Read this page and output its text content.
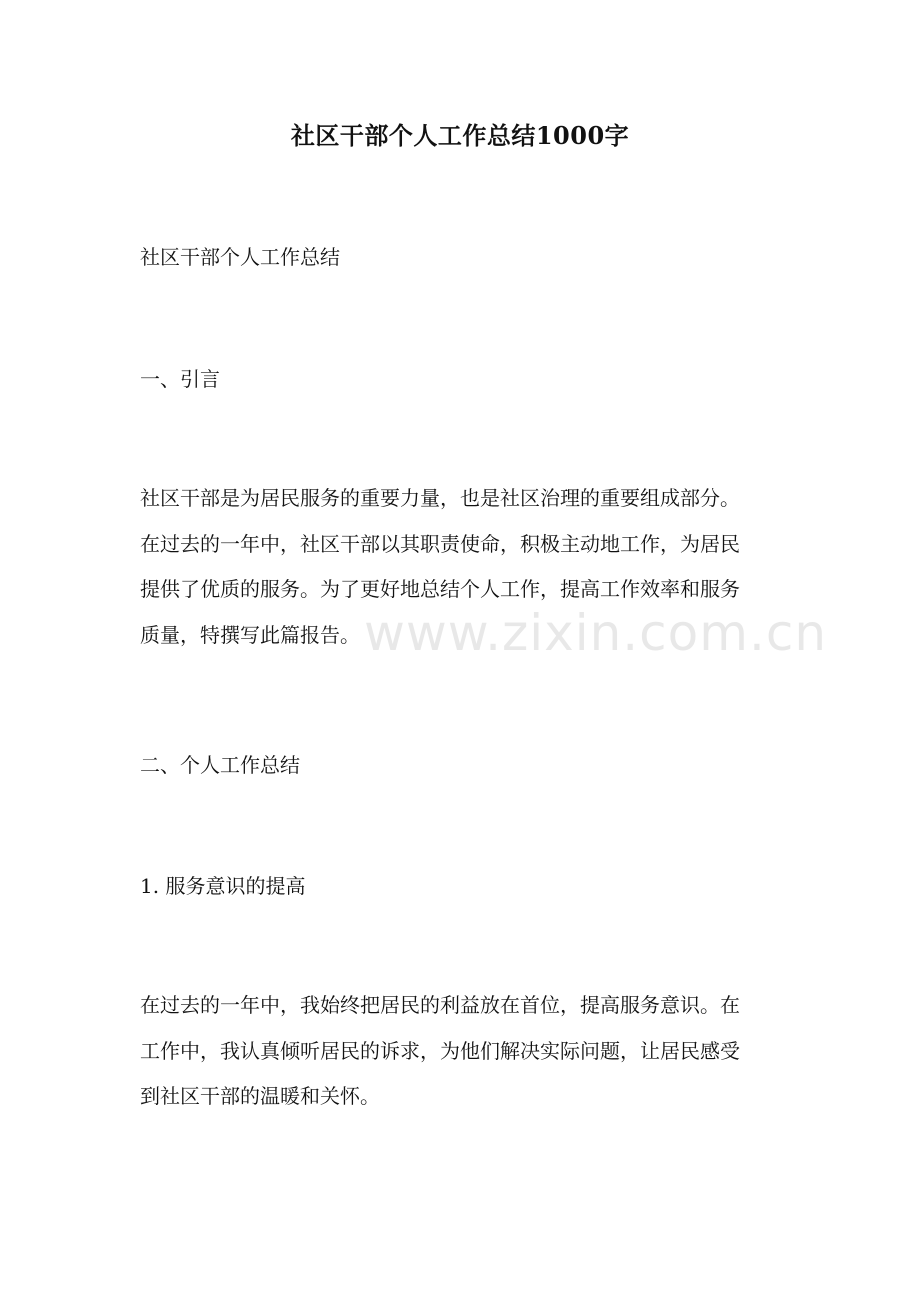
社区干部个人工作总结1000字
社区干部个人工作总结
一、引言
社区干部是为居民服务的重要力量，也是社区治理的重要组成部分。
在过去的一年中，社区干部以其职责使命，积极主动地工作，为居民
提供了优质的服务。为了更好地总结个人工作，提高工作效率和服务
质量，特撰写此篇报告。
二、个人工作总结
1. 服务意识的提高
在过去的一年中，我始终把居民的利益放在首位，提高服务意识。在
工作中，我认真倾听居民的诉求，为他们解决实际问题，让居民感受
到社区干部的温暖和关怀。
www.zixin.com.cn
